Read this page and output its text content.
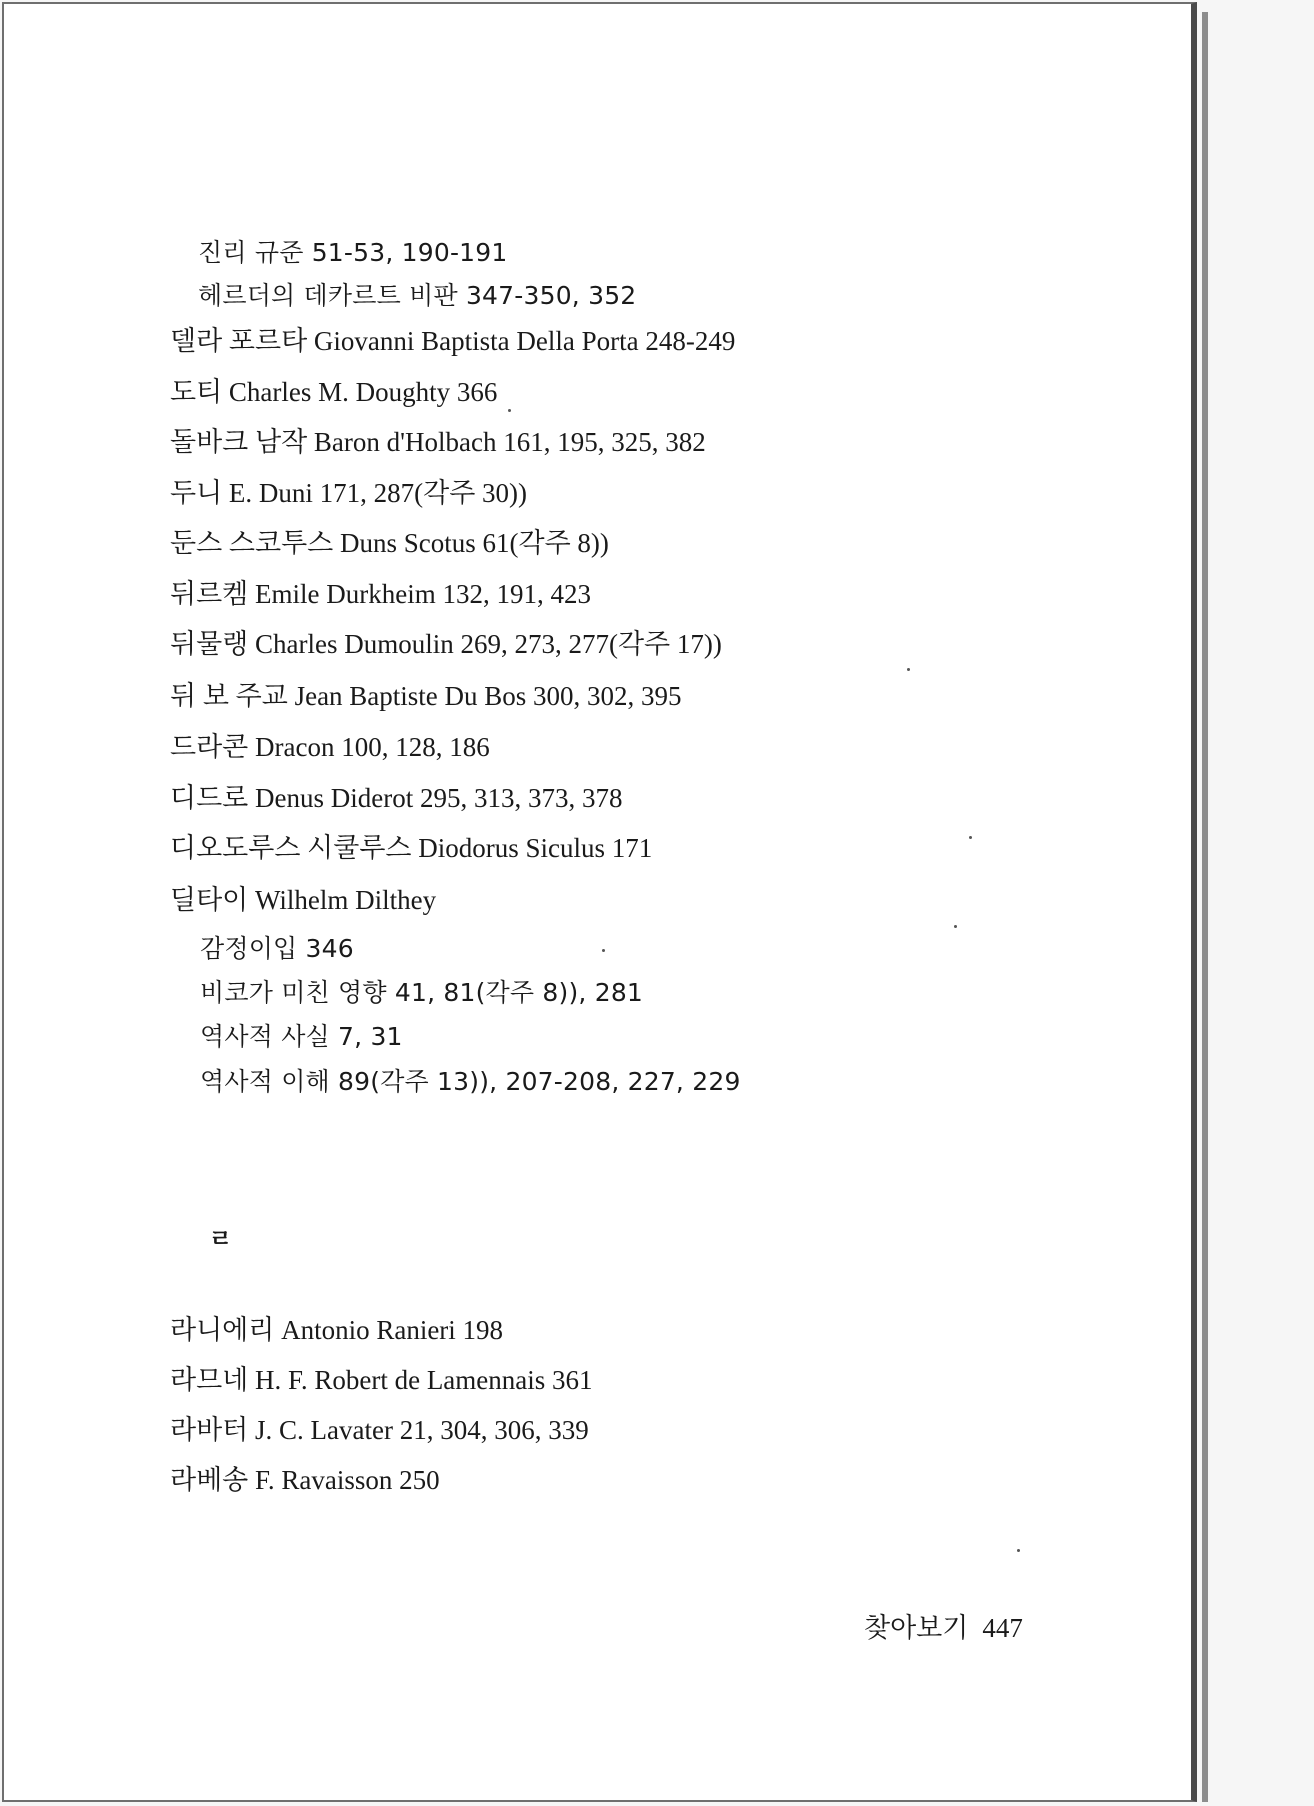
진리 규준 51-53, 190-191
헤르더의 데카르트 비판 347-350, 352
델라 포르타 Giovanni Baptista Della Porta 248-249
도티 Charles M. Doughty 366
돌바크 남작 Baron d'Holbach 161, 195, 325, 382
두니 E. Duni 171, 287(각주 30))
둔스 스코투스 Duns Scotus 61(각주 8))
뒤르켐 Emile Durkheim 132, 191, 423
뒤물랭 Charles Dumoulin 269, 273, 277(각주 17))
뒤 보 주교 Jean Baptiste Du Bos 300, 302, 395
드라콘 Dracon 100, 128, 186
디드로 Denus Diderot 295, 313, 373, 378
디오도루스 시쿨루스 Diodorus Siculus 171
딜타이 Wilhelm Dilthey
감정이입 346
비코가 미친 영향 41, 81(각주 8)), 281
역사적 사실 7, 31
역사적 이해 89(각주 13)), 207-208, 227, 229
ㄹ
라니에리 Antonio Ranieri 198
라므네 H. F. Robert de Lamennais 361
라바터 J. C. Lavater 21, 304, 306, 339
라베송 F. Ravaisson 250
찾아보기 447
